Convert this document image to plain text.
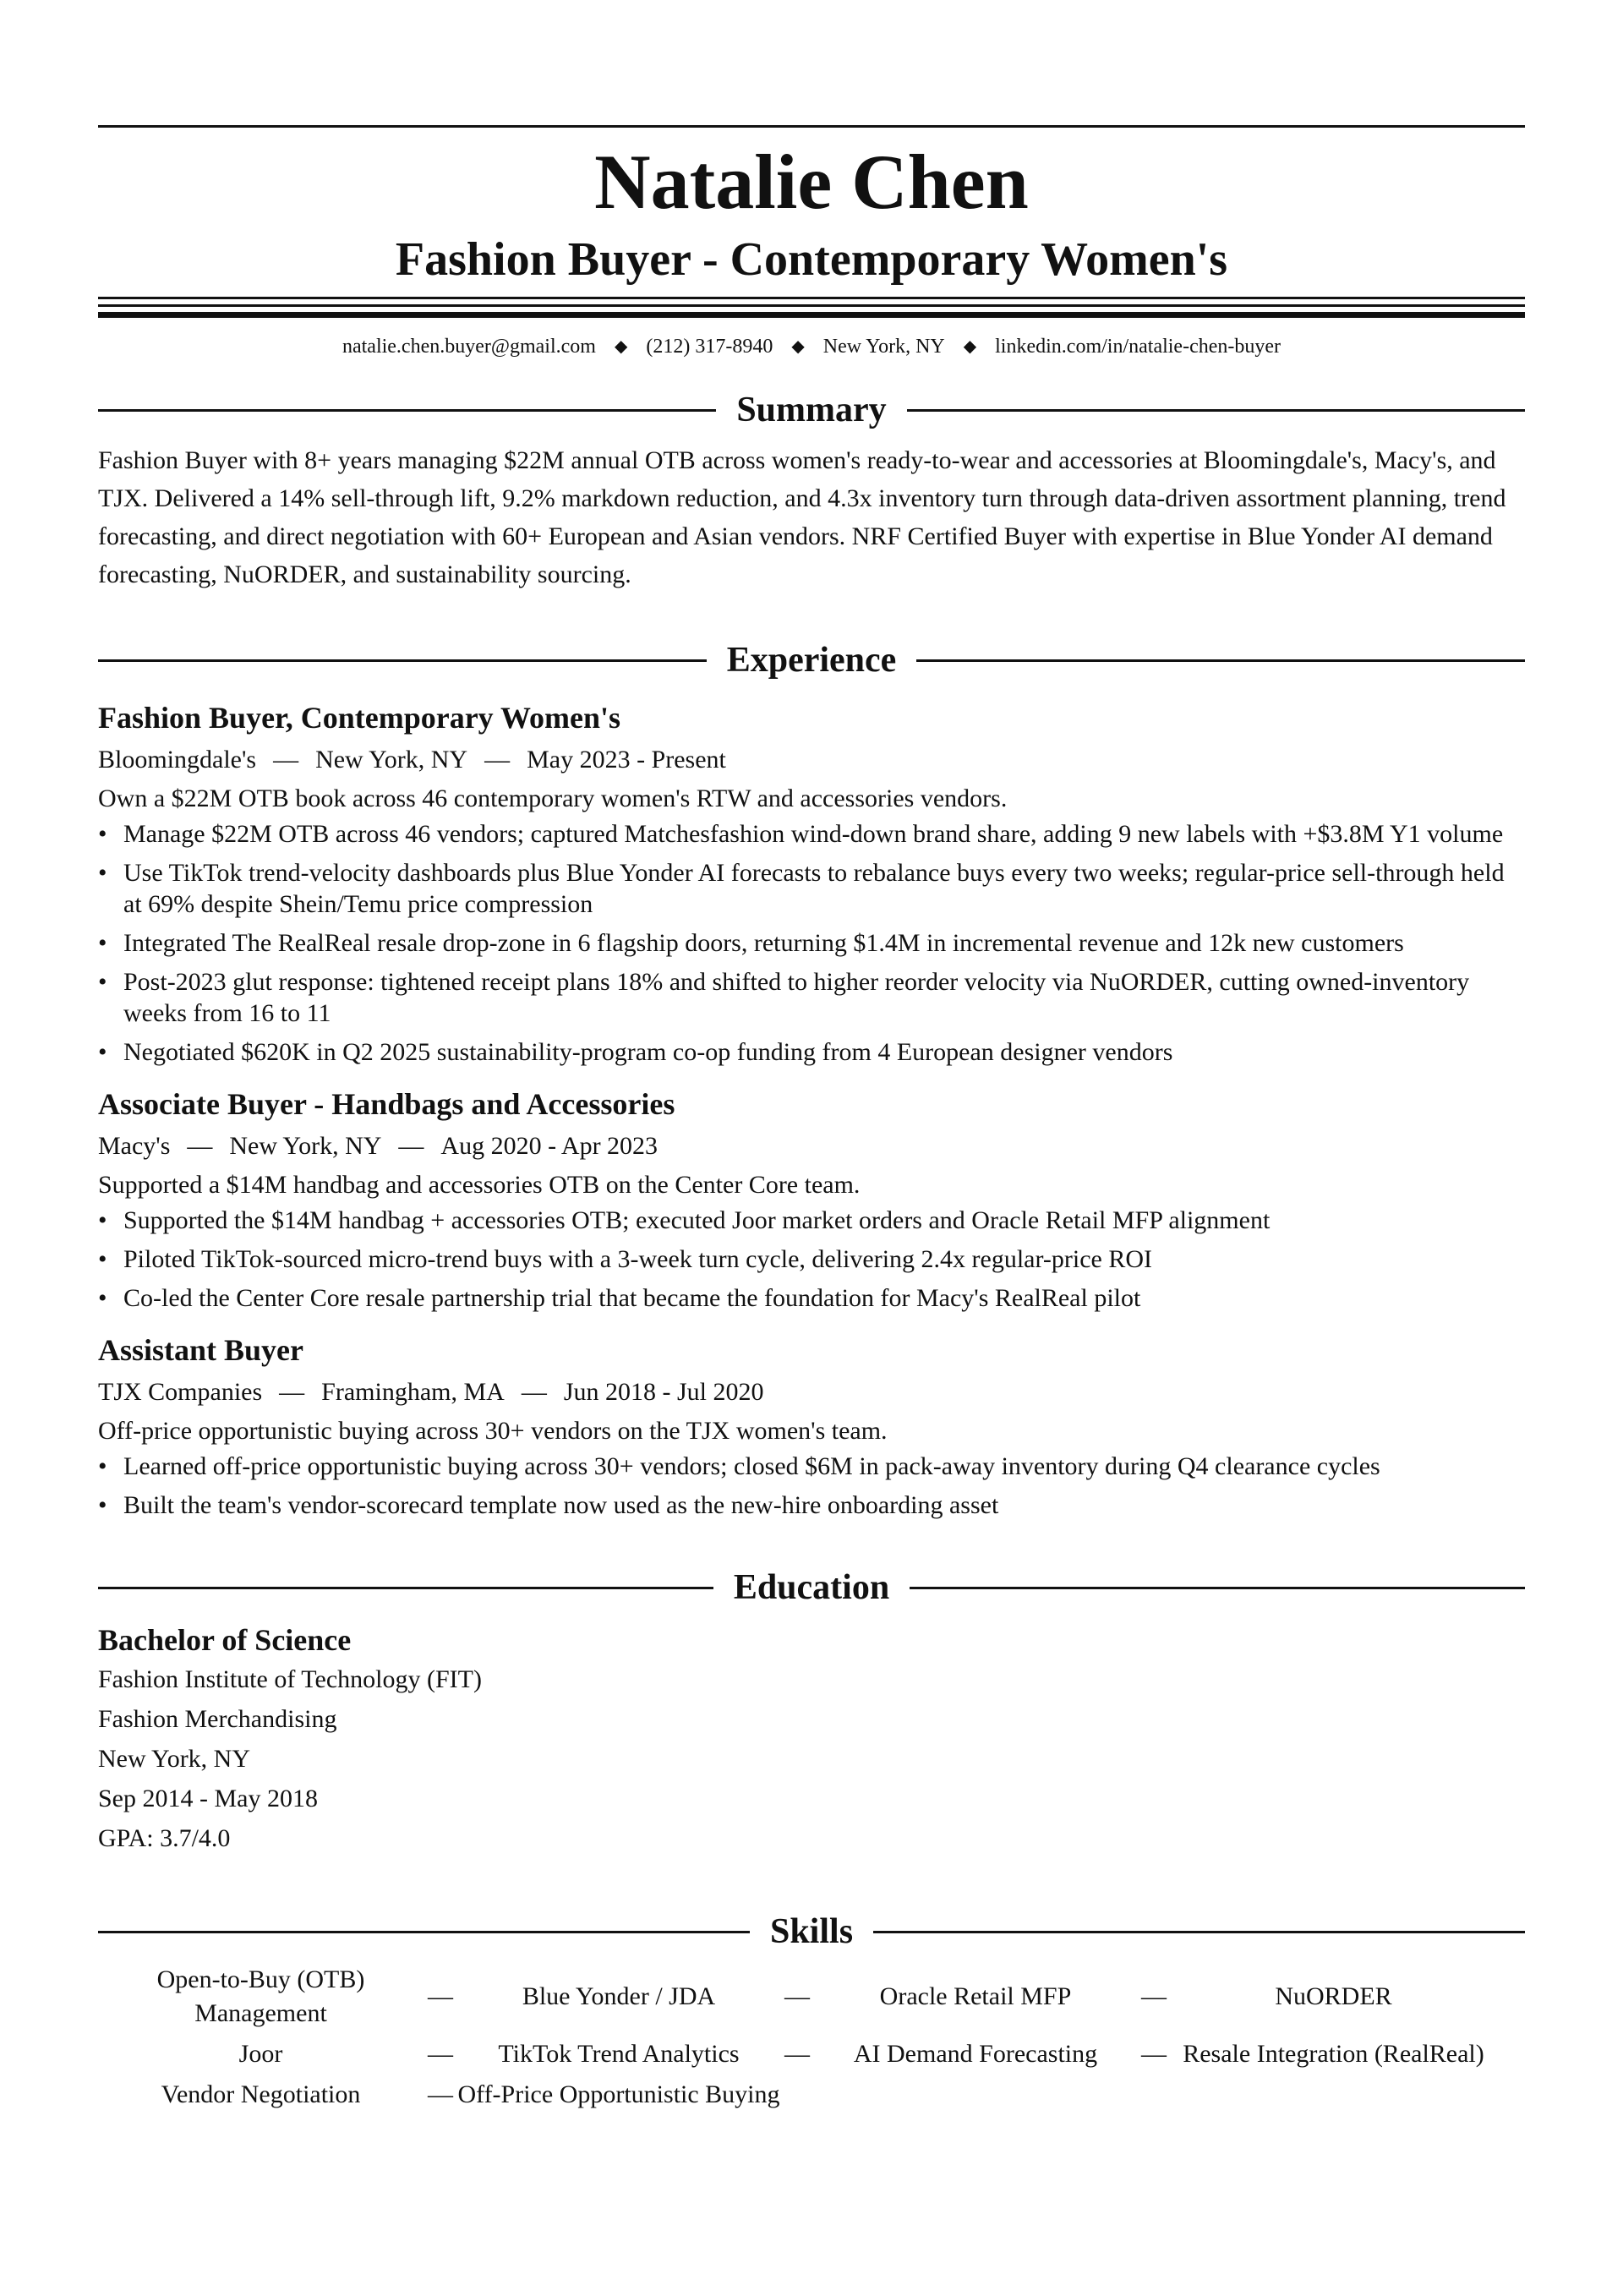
Natalie Chen
Fashion Buyer - Contemporary Women's
natalie.chen.buyer@gmail.com ◆ (212) 317-8940 ◆ New York, NY ◆ linkedin.com/in/natalie-chen-buyer
Summary
Fashion Buyer with 8+ years managing $22M annual OTB across women's ready-to-wear and accessories at Bloomingdale's, Macy's, and TJX. Delivered a 14% sell-through lift, 9.2% markdown reduction, and 4.3x inventory turn through data-driven assortment planning, trend forecasting, and direct negotiation with 60+ European and Asian vendors. NRF Certified Buyer with expertise in Blue Yonder AI demand forecasting, NuORDER, and sustainability sourcing.
Experience
Fashion Buyer, Contemporary Women's
Bloomingdale's — New York, NY — May 2023 - Present
Own a $22M OTB book across 46 contemporary women's RTW and accessories vendors.
• Manage $22M OTB across 46 vendors; captured Matchesfashion wind-down brand share, adding 9 new labels with +$3.8M Y1 volume
• Use TikTok trend-velocity dashboards plus Blue Yonder AI forecasts to rebalance buys every two weeks; regular-price sell-through held at 69% despite Shein/Temu price compression
• Integrated The RealReal resale drop-zone in 6 flagship doors, returning $1.4M in incremental revenue and 12k new customers
• Post-2023 glut response: tightened receipt plans 18% and shifted to higher reorder velocity via NuORDER, cutting owned-inventory weeks from 16 to 11
• Negotiated $620K in Q2 2025 sustainability-program co-op funding from 4 European designer vendors
Associate Buyer - Handbags and Accessories
Macy's — New York, NY — Aug 2020 - Apr 2023
Supported a $14M handbag and accessories OTB on the Center Core team.
• Supported the $14M handbag + accessories OTB; executed Joor market orders and Oracle Retail MFP alignment
• Piloted TikTok-sourced micro-trend buys with a 3-week turn cycle, delivering 2.4x regular-price ROI
• Co-led the Center Core resale partnership trial that became the foundation for Macy's RealReal pilot
Assistant Buyer
TJX Companies — Framingham, MA — Jun 2018 - Jul 2020
Off-price opportunistic buying across 30+ vendors on the TJX women's team.
• Learned off-price opportunistic buying across 30+ vendors; closed $6M in pack-away inventory during Q4 clearance cycles
• Built the team's vendor-scorecard template now used as the new-hire onboarding asset
Education
Bachelor of Science
Fashion Institute of Technology (FIT)
Fashion Merchandising
New York, NY
Sep 2014 - May 2018
GPA: 3.7/4.0
Skills
Open-to-Buy (OTB) Management
—	Blue Yonder / JDA	—	Oracle Retail MFP	—	NuORDER
Joor	—	TikTok Trend Analytics	—	AI Demand Forecasting	— Resale Integration (RealReal)
Vendor Negotiation	— Off-Price Opportunistic Buying
